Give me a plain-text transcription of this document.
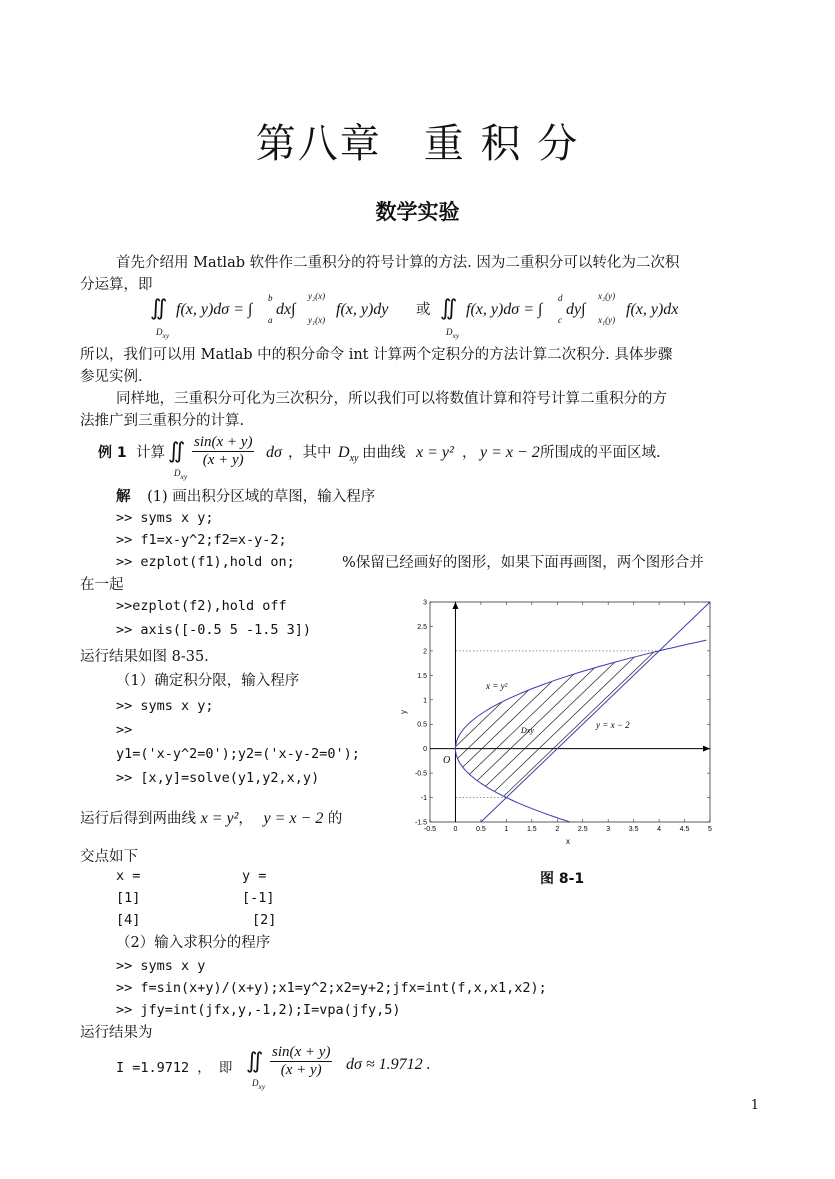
第八章　重 积 分
数学实验
首先介绍用 Matlab 软件作二重积分的符号计算的方法. 因为二重积分可以转化为二次积
分运算，即
∬
$D_{xy}$
f(x, y)dσ = ∫
b
a
dx∫
y₂(x)
y₁(x)
f(x, y)dy 或 ∬
$D_{xy}$
f(x, y)dσ = ∫
d
c
dy∫
x₂(y)
x₁(y)
f(x, y)dx
所以，我们可以用 Matlab 中的积分命令 int 计算两个定积分的方法计算二次积分. 具体步骤
参见实例.
同样地，三重积分可化为三次积分，所以我们可以将数值计算和符号计算二重积分的方
法推广到三重积分的计算.
例 1 计算 ∬
$D_{xy}$
$\frac{\sin(x + y)}{(x + y)}$ dσ ，其中 $D_{xy}$ 由曲线 x = y² ， y = x − 2 所围成的平面区域.
解 (1) 画出积分区域的草图，输入程序
>> syms x y;
>> f1=x-y^2;f2=x-y-2;
>> ezplot(f1),hold on;	%保留已经画好的图形，如果下面再画图，两个图形合并
在一起
>>ezplot(f2),hold off
>> axis([-0.5 5 -1.5 3])
运行结果如图 8-35.
（1）确定积分限，输入程序
>> syms x y;
>>
y1=('x-y^2=0');y2=('x-y-2=0');
>> [x,y]=solve(y1,y2,x,y)
运行后得到两曲线 x = y²， y = x − 2 的
交点如下
x =	y =
[1]	[-1]
[4]	[2]
（2）输入求积分的程序
>> syms x y
>> f=sin(x+y)/(x+y);x1=y^2;x2=y+2;jfx=int(f,x,x1,x2);
>> jfy=int(jfx,y,-1,2);I=vpa(jfy,5)
运行结果为
I =1.9712 ， 即 ∬
$D_{xy}$
$\frac{\sin(x + y)}{(x + y)}$ dσ ≈ 1.9712 .
-0.5 0	0.5	1	1.5	2	2.5	3	3.5	4	4.5	5
3
2.5
2
1.5
1
0.5
0
-0.5
-1
-1.5
x = y²
y = x − 2
Dxy
O
x
y
图 8-1
1
